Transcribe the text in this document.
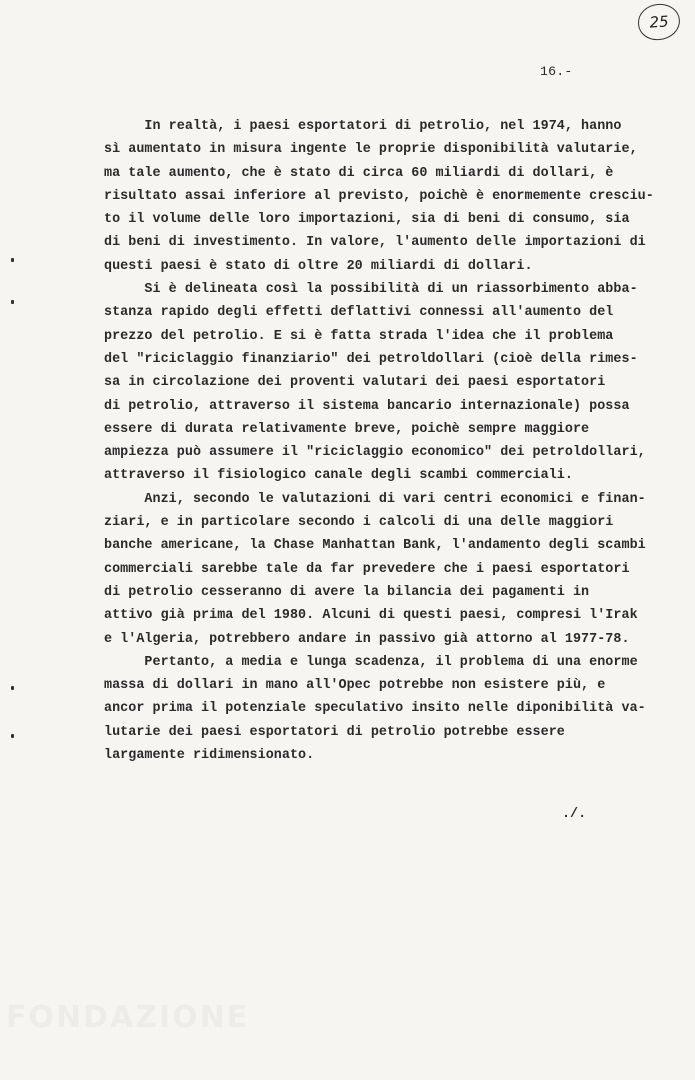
25
16.-
In realtà, i paesi esportatori di petrolio, nel 1974, hanno
sì aumentato in misura ingente le proprie disponibilità valutarie,
ma tale aumento, che è stato di circa 60 miliardi di dollari, è
risultato assai inferiore al previsto, poichè è enormemente cresciu-
to il volume delle loro importazioni, sia di beni di consumo, sia
di beni di investimento. In valore, l'aumento delle importazioni di
questi paesi è stato di oltre 20 miliardi di dollari.
Si è delineata così la possibilità di un riassorbimento abba-
stanza rapido degli effetti deflattivi connessi all'aumento del
prezzo del petrolio. E si è fatta strada l'idea che il problema
del "riciclaggio finanziario" dei petroldollari (cioè della rimes-
sa in circolazione dei proventi valutari dei paesi esportatori
di petrolio, attraverso il sistema bancario internazionale) possa
essere di durata relativamente breve, poichè sempre maggiore
ampiezza può assumere il "riciclaggio economico" dei petroldollari,
attraverso il fisiologico canale degli scambi commerciali.
Anzi, secondo le valutazioni di vari centri economici e finan-
ziari, e in particolare secondo i calcoli di una delle maggiori
banche americane, la Chase Manhattan Bank, l'andamento degli scambi
commerciali sarebbe tale da far prevedere che i paesi esportatori
di petrolio cesseranno di avere la bilancia dei pagamenti in
attivo già prima del 1980. Alcuni di questi paesi, compresi l'Irak
e l'Algeria, potrebbero andare in passivo già attorno al 1977-78.
Pertanto, a media e lunga scadenza, il problema di una enorme
massa di dollari in mano all'Opec potrebbe non esistere più, e
ancor prima il potenziale speculativo insito nelle diponibilità va-
lutarie dei paesi esportatori di petrolio potrebbe essere
largamente ridimensionato.
./.
